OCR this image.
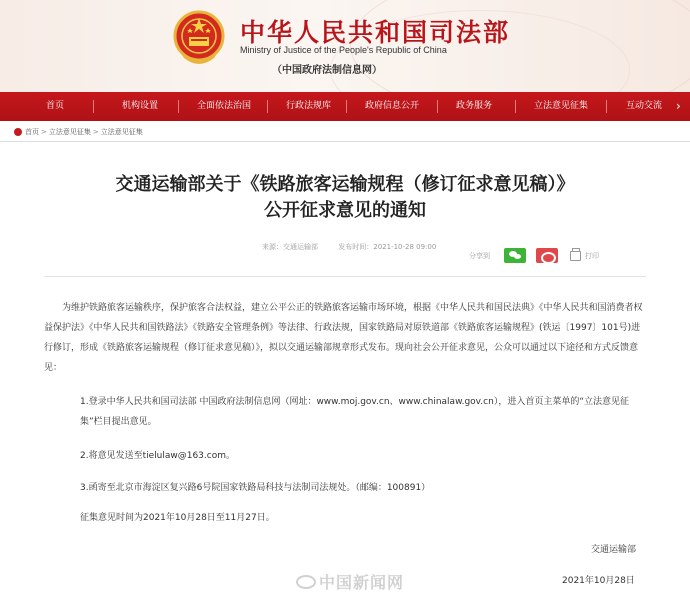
中华人民共和国司法部
Ministry of Justice of the People's Republic of China
（中国政府法制信息网）
首页	机构设置	全面依法治国	行政法规库	政府信息公开	政务服务	立法意见征集	互动交流 ›
首页 > 立法意见征集 > 立法意见征集
交通运输部关于《铁路旅客运输规程（修订征求意见稿）》
公开征求意见的通知
来源：交通运输部	发布时间：2021-10-28 09:00
分享到	打印

为维护铁路旅客运输秩序，保护旅客合法权益，建立公平公正的铁路旅客运输市场环境，根据《中华人民共和国民法典》《中华人民共和国消费者权益保护法》《中华人民共和国铁路法》《铁路安全管理条例》等法律、行政法规，国家铁路局对原铁道部《铁路旅客运输规程》(铁运〔1997〕101号)进行修订，形成《铁路旅客运输规程（修订征求意见稿）》，拟以交通运输部规章形式发布。现向社会公开征求意见，公众可以通过以下途径和方式反馈意见：

1.登录中华人民共和国司法部 中国政府法制信息网（网址：www.moj.gov.cn、www.chinalaw.gov.cn），进入首页主菜单的“立法意见征集”栏目提出意见。

2.将意见发送至tielulaw@163.com。

3.函寄至北京市海淀区复兴路6号院国家铁路局科技与法制司法规处。（邮编：100891）

征集意见时间为2021年10月28日至11月27日。

交通运输部
2021年10月28日
中国新闻网
